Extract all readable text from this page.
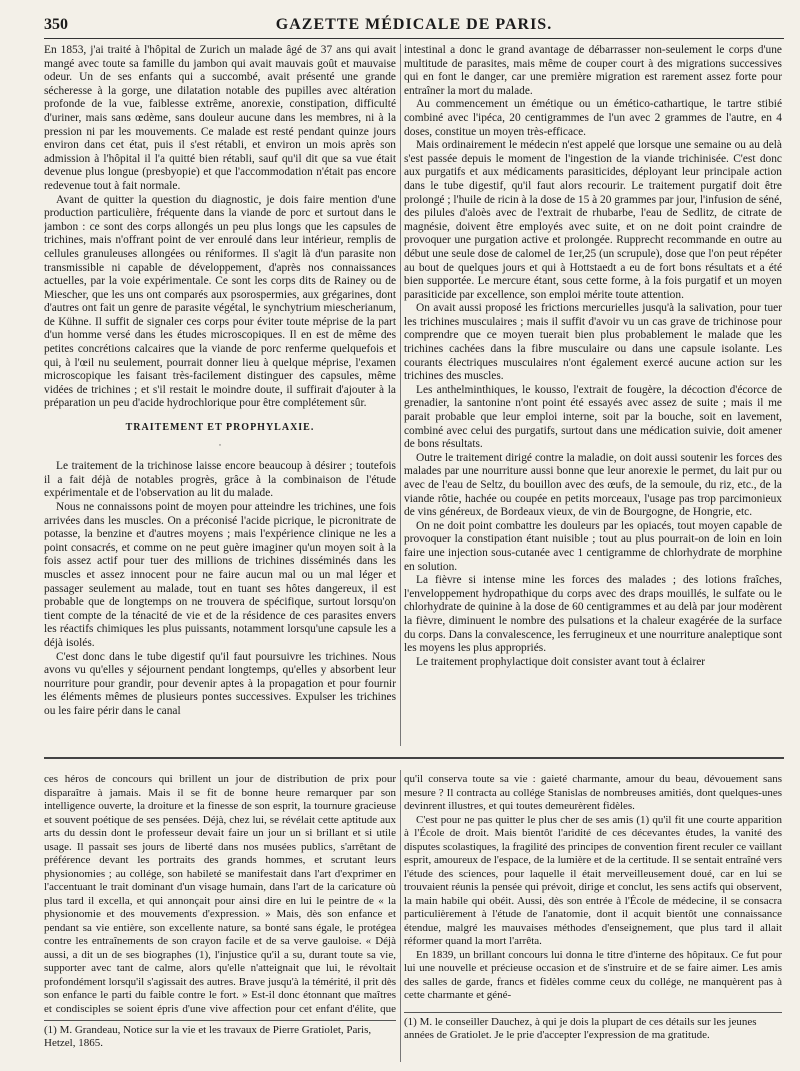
350	GAZETTE MÉDICALE DE PARIS.

En 1853, j'ai traité à l'hôpital de Zurich un malade âgé de 37 ans qui avait mangé avec toute sa famille du jambon qui avait mauvais goût et mauvaise odeur. Un de ses enfants qui a succombé, avait présenté une grande sécheresse à la gorge, une dilatation notable des pupilles avec altération profonde de la vue, faiblesse extrême, anorexie, constipation, difficulté d'uriner, mais sans œdème, sans douleur aucune dans les membres, ni à la pression ni par les mouvements. Ce malade est resté pendant quinze jours environ dans cet état, puis il s'est rétabli, et environ un mois après son admission à l'hôpital il l'a quitté bien rétabli, sauf qu'il dit que sa vue était devenue plus longue (presbyopie) et que l'accommodation n'était pas encore redevenue tout à fait normale.

Avant de quitter la question du diagnostic, je dois faire mention d'une production particulière, fréquente dans la viande de porc et surtout dans le jambon : ce sont des corps allongés un peu plus longs que les capsules de trichines, mais n'offrant point de ver enroulé dans leur intérieur, remplis de cellules granuleuses allongées ou réniformes. Il s'agit là d'un parasite non transmissible ni capable de développement, d'après nos connaissances actuelles, par la voie expérimentale. Ce sont les corps dits de Rainey ou de Miescher, que les uns ont comparés aux psorospermies, aux grégarines, dont d'autres ont fait un genre de parasite végétal, le synchytrium miescherianum, de Kühne. Il suffit de signaler ces corps pour éviter toute méprise de la part d'un homme versé dans les études microscopiques. Il en est de même des petites concrétions calcaires que la viande de porc renferme quelquefois et qui, à l'œil nu seulement, pourrait donner lieu à quelque méprise, l'examen microscopique les faisant très-facilement distinguer des capsules, même vidées de trichines ; et s'il restait le moindre doute, il suffirait d'ajouter à la préparation un peu d'acide hydrochlorique pour être complétement sûr.

TRAITEMENT ET PROPHYLAXIE.
·

Le traitement de la trichinose laisse encore beaucoup à désirer ; toutefois il a fait déjà de notables progrès, grâce à la combinaison de l'étude expérimentale et de l'observation au lit du malade.

Nous ne connaissons point de moyen pour atteindre les trichines, une fois arrivées dans les muscles. On a préconisé l'acide picrique, le picronitrate de potasse, la benzine et d'autres moyens ; mais l'expérience clinique ne les a point consacrés, et comme on ne peut guère imaginer qu'un moyen soit à la fois assez actif pour tuer des millions de trichines disséminés dans les muscles et assez innocent pour ne faire aucun mal ou un mal léger et passager seulement au malade, tout en tuant ses hôtes dangereux, il est probable que de longtemps on ne trouvera de spécifique, surtout lorsqu'on tient compte de la ténacité de vie et de la résidence de ces parasites envers les réactifs chimiques les plus puissants, notamment lorsqu'une capsule les a déjà isolés.

C'est donc dans le tube digestif qu'il faut poursuivre les trichines. Nous avons vu qu'elles y séjournent pendant longtemps, qu'elles y absorbent leur nourriture pour grandir, pour devenir aptes à la propagation et pour fournir les éléments mêmes de plusieurs pontes successives. Expulser les trichines ou les faire périr dans le canal

intestinal a donc le grand avantage de débarrasser non-seulement le corps d'une multitude de parasites, mais même de couper court à des migrations successives qui en font le danger, car une première migration est rarement assez forte pour entraîner la mort du malade.

Au commencement un émétique ou un émético-cathartique, le tartre stibié combiné avec l'ipéca, 20 centigrammes de l'un avec 2 grammes de l'autre, en 4 doses, constitue un moyen très-efficace.

Mais ordinairement le médecin n'est appelé que lorsque une semaine ou au delà s'est passée depuis le moment de l'ingestion de la viande trichinisée. C'est donc aux purgatifs et aux médicaments parasiticides, déployant leur principale action dans le tube digestif, qu'il faut alors recourir. Le traitement purgatif doit être prolongé ; l'huile de ricin à la dose de 15 à 20 grammes par jour, l'infusion de séné, des pilules d'aloès avec de l'extrait de rhubarbe, l'eau de Sedlitz, de citrate de magnésie, doivent être employés avec suite, et on ne doit point craindre de provoquer une purgation active et prolongée. Rupprecht recommande en outre au début une seule dose de calomel de 1er,25 (un scrupule), dose que l'on peut répéter au bout de quelques jours et qui à Hottstaedt a eu de fort bons résultats et a été bien supportée. Le mercure étant, sous cette forme, à la fois purgatif et un moyen parasiticide par excellence, son emploi mérite toute attention.

On avait aussi proposé les frictions mercurielles jusqu'à la salivation, pour tuer les trichines musculaires ; mais il suffit d'avoir vu un cas grave de trichinose pour comprendre que ce moyen tuerait bien plus probablement le malade que les trichines cachées dans la fibre musculaire ou dans une capsule isolante. Les courants électriques musculaires n'ont également exercé aucune action sur les trichines des muscles.

Les anthelminthiques, le kousso, l'extrait de fougère, la décoction d'écorce de grenadier, la santonine n'ont point été essayés avec assez de suite ; mais il me parait probable que leur emploi interne, soit par la bouche, soit en lavement, combiné avec celui des purgatifs, surtout dans une médication suivie, doit amener de bons résultats.

Outre le traitement dirigé contre la maladie, on doit aussi soutenir les forces des malades par une nourriture aussi bonne que leur anorexie le permet, du lait pur ou avec de l'eau de Seltz, du bouillon avec des œufs, de la semoule, du riz, etc., de la viande rôtie, hachée ou coupée en petits morceaux, l'usage pas trop parcimonieux de vins généreux, de Bordeaux vieux, de vin de Bourgogne, de Hongrie, etc.

On ne doit point combattre les douleurs par les opiacés, tout moyen capable de provoquer la constipation étant nuisible ; tout au plus pourrait-on de loin en loin faire une injection sous-cutanée avec 1 centigramme de chlorhydrate de morphine en solution.

La fièvre si intense mine les forces des malades ; des lotions fraîches, l'enveloppement hydropathique du corps avec des draps mouillés, le sulfate ou le chlorhydrate de quinine à la dose de 60 centigrammes et au delà par jour modèrent la fièvre, diminuent le nombre des pulsations et la chaleur exagérée de la surface du corps. Dans la convalescence, les ferrugineux et une nourriture analeptique sont les moyens les plus appropriés.

Le traitement prophylactique doit consister avant tout à éclairer

ces héros de concours qui brillent un jour de distribution de prix pour disparaître à jamais. Mais il se fit de bonne heure remarquer par son intelligence ouverte, la droiture et la finesse de son esprit, la tournure gracieuse et souvent poétique de ses pensées. Déjà, chez lui, se révélait cette aptitude aux arts du dessin dont le professeur devait faire un jour un si brillant et si utile usage. Il passait ses jours de liberté dans nos musées publics, s'arrêtant de préférence devant les portraits des grands hommes, et scrutant leurs physionomies ; au collége, son habileté se manifestait dans l'art d'exprimer en l'accentuant le trait dominant d'un visage humain, dans l'art de la caricature où plus tard il excella, et qui annonçait pour ainsi dire en lui le peintre de « la physionomie et des mouvements d'expression. » Mais, dès son enfance et pendant sa vie entière, son excellente nature, sa bonté sans égale, le protégea contre les entraînements de son crayon facile et de sa verve gauloise. « Déjà aussi, a dit un de ses biographes (1), l'injustice qu'il a su, durant toute sa vie, supporter avec tant de calme, alors qu'elle n'atteignait que lui, le révoltait profondément lorsqu'il s'agissait des autres. Brave jusqu'à la témérité, il prit dès son enfance le parti du faible contre le fort. » Est-il donc étonnant que maîtres et condisciples se soient épris d'une vive affection pour cet enfant d'élite, que

qu'il conserva toute sa vie : gaieté charmante, amour du beau, dévouement sans mesure ? Il contracta au collége Stanislas de nombreuses amitiés, dont quelques-unes devinrent illustres, et qui toutes demeurèrent fidèles.

C'est pour ne pas quitter le plus cher de ses amis (1) qu'il fit une courte apparition à l'École de droit. Mais bientôt l'aridité de ces décevantes études, la vanité des disputes scolastiques, la fragilité des principes de convention firent reculer ce vaillant esprit, amoureux de l'espace, de la lumière et de la certitude. Il se sentait entraîné vers l'étude des sciences, pour laquelle il était merveilleusement doué, car en lui se trouvaient réunis la pensée qui prévoit, dirige et conclut, les sens actifs qui observent, la main habile qui obéit. Aussi, dès son entrée à l'École de médecine, il se consacra particulièrement à l'étude de l'anatomie, dont il acquit bientôt une connaissance étendue, malgré les mauvaises méthodes d'enseignement, que plus tard il allait réformer quand la mort l'arrêta.

En 1839, un brillant concours lui donna le titre d'interne des hôpitaux. Ce fut pour lui une nouvelle et précieuse occasion et de s'instruire et de se faire aimer. Les amis des salles de garde, francs et fidèles comme ceux du collége, ne manquèrent pas à cette charmante et géné-

(1) M. Grandeau, Notice sur la vie et les travaux de Pierre Gratiolet, Paris, Hetzel, 1865.
(1) M. le conseiller Dauchez, à qui je dois la plupart de ces détails sur les jeunes années de Gratiolet. Je le prie d'accepter l'expression de ma gratitude.
